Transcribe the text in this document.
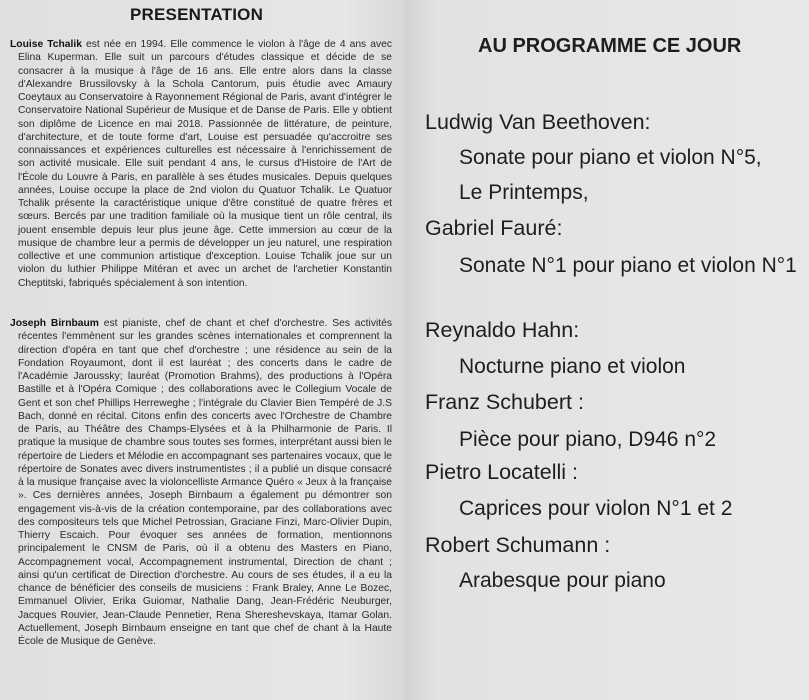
PRESENTATION
Louise Tchalik est née en 1994. Elle commence le violon à l'âge de 4 ans avec Elina Kuperman. Elle suit un parcours d'études classique et décide de se consacrer à la musique à l'âge de 16 ans. Elle entre alors dans la classe d'Alexandre Brussilovsky à la Schola Cantorum, puis étudie avec Amaury Coeytaux au Conservatoire à Rayonnement Régional de Paris, avant d'intégrer le Conservatoire National Supérieur de Musique et de Danse de Paris. Elle y obtient son diplôme de Licence en mai 2018. Passionnée de littérature, de peinture, d'architecture, et de toute forme d'art, Louise est persuadée qu'accroitre ses connaissances et expériences culturelles est nécessaire à l'enrichissement de son activité musicale. Elle suit pendant 4 ans, le cursus d'Histoire de l'Art de l'École du Louvre à Paris, en parallèle à ses études musicales. Depuis quelques années, Louise occupe la place de 2nd violon du Quatuor Tchalik. Le Quatuor Tchalik présente la caractéristique unique d'être constitué de quatre frères et sœurs. Bercés par une tradition familiale où la musique tient un rôle central, ils jouent ensemble depuis leur plus jeune âge. Cette immersion au cœur de la musique de chambre leur a permis de développer un jeu naturel, une respiration collective et une communion artistique d'exception. Louise Tchalik joue sur un violon du luthier Philippe Mitéran et avec un archet de l'archetier Konstantin Cheptitski, fabriqués spécialement à son intention.
Joseph Birnbaum est pianiste, chef de chant et chef d'orchestre. Ses activités récentes l'emmènent sur les grandes scènes internationales et comprennent la direction d'opéra en tant que chef d'orchestre ; une résidence au sein de la Fondation Royaumont, dont il est lauréat ; des concerts dans le cadre de l'Académie Jaroussky; lauréat (Promotion Brahms), des productions à l'Opéra Bastille et à l'Opéra Comique ; des collaborations avec le Collegium Vocale de Gent et son chef Phillips Herreweghe ; l'intégrale du Clavier Bien Tempéré de J.S Bach, donné en récital. Citons enfin des concerts avec l'Orchestre de Chambre de Paris, au Théâtre des Champs-Elysées et à la Philharmonie de Paris. Il pratique la musique de chambre sous toutes ses formes, interprétant aussi bien le répertoire de Lieders et Mélodie en accompagnant ses partenaires vocaux, que le répertoire de Sonates avec divers instrumentistes ; il a publié un disque consacré à la musique française avec la violoncelliste Armance Quéro « Jeux à la française ». Ces dernières années, Joseph Birnbaum a également pu démontrer son engagement vis-à-vis de la création contemporaine, par des collaborations avec des compositeurs tels que Michel Petrossian, Graciane Finzi, Marc-Olivier Dupin, Thierry Escaich. Pour évoquer ses années de formation, mentionnons principalement le CNSM de Paris, où il a obtenu des Masters en Piano, Accompagnement vocal, Accompagnement instrumental, Direction de chant ; ainsi qu'un certificat de Direction d'orchestre. Au cours de ses études, il a eu la chance de bénéficier des conseils de musiciens : Frank Braley, Anne Le Bozec, Emmanuel Olivier, Erika Guiomar, Nathalie Dang, Jean-Frédéric Neuburger, Jacques Rouvier, Jean-Claude Pennetier, Rena Shereshevskaya, Itamar Golan. Actuellement, Joseph Birnbaum enseigne en tant que chef de chant à la Haute École de Musique de Genève.
AU PROGRAMME CE JOUR
Ludwig Van Beethoven:
Sonate pour piano et violon N°5,
Le Printemps,
Gabriel Fauré:
Sonate N°1 pour piano et violon N°1
Reynaldo Hahn:
Nocturne piano et violon
Franz Schubert :
Pièce pour piano, D946 n°2
Pietro Locatelli :
Caprices pour violon N°1 et 2
Robert Schumann :
Arabesque pour piano
